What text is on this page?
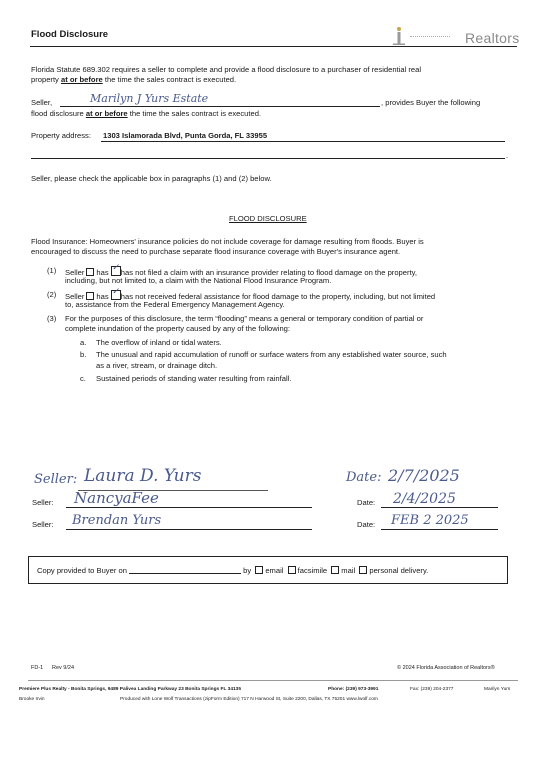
Flood Disclosure	Realtors
Florida Statute 689.302 requires a seller to complete and provide a flood disclosure to a purchaser of residential real
property at or before the time the sales contract is executed.
Seller,	Marilyn J Yurs Estate	, provides Buyer the following
flood disclosure at or before the time the sales contract is executed.
Property address: 1303 Islamorada Blvd, Punta Gorda, FL 33955
.
Seller, please check the applicable box in paragraphs (1) and (2) below.
FLOOD DISCLOSURE
Flood Insurance: Homeowners' insurance policies do not include coverage for damage resulting from floods. Buyer is
encouraged to discuss the need to purchase separate flood insurance coverage with Buyer's insurance agent.
(1) Seller has ✓ has not filed a claim with an insurance provider relating to flood damage on the property,
including, but not limited to, a claim with the National Flood Insurance Program.
(2) Seller has ✓ has not received federal assistance for flood damage to the property, including, but not limited
to, assistance from the Federal Emergency Management Agency.
(3) For the purposes of this disclosure, the term “flooding” means a general or temporary condition of partial or
complete inundation of the property caused by any of the following:
a. The overflow of inland or tidal waters.
b. The unusual and rapid accumulation of runoff or surface waters from any established water source, such
as a river, stream, or drainage ditch.
c. Sustained periods of standing water resulting from rainfall.
Seller: Laura D. Yurs	Date: 2/7/2025
Seller: NancyaFee	Date: 2/4/2025
Seller: Brendan Yurs	Date: FEB 2 2025
Copy provided to Buyer on	by email facsimile mail personal delivery.
FD-1 Rev 9/24	© 2024 Florida Association of Realtors®
Premiere Plus Realty - Bonita Springs, 9489 Palivea Landing Parkway 23 Bonita Springs FL 34135	Phone: (239) 973-3991	Fax: (239) 204-2377	Marilyn Yurs
Brooke Irvin	Produced with Lone Wolf Transactions (zipForm Edition) 717 N Harwood St, Suite 2200, Dallas, TX 75201 www.lwolf.com
